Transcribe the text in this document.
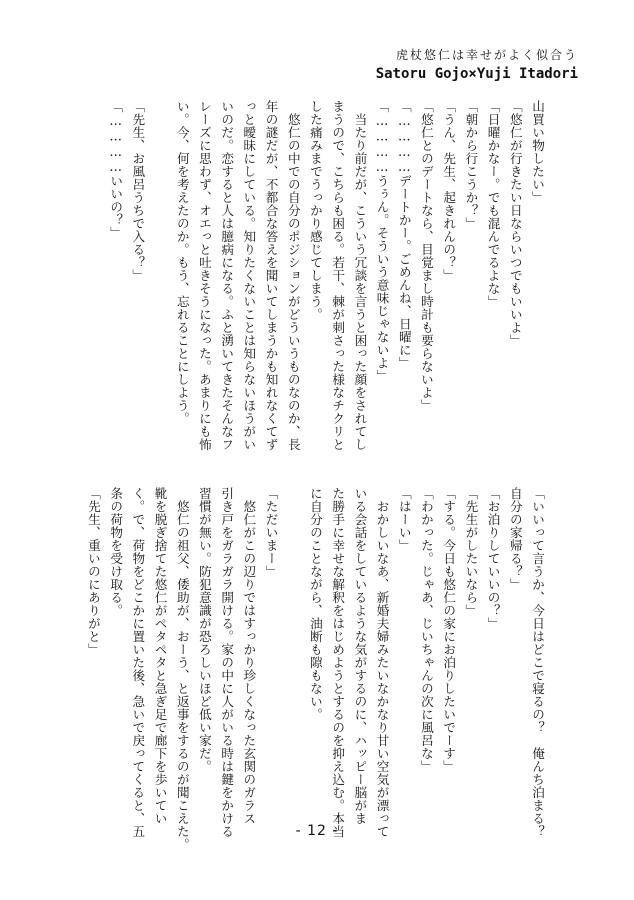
虎杖悠仁は幸せがよく似合う
Satoru Gojo×Yuji Itadori

山買い物したい」

「悠仁が行きたい日ならいつでもいいよ」

「日曜かなー。でも混んでるよな」

「朝から行こうか？」

「うん、先生、起きれんの？」

「悠仁とのデートなら、目覚まし時計も要らないよ」

「…………デートかー。ごめんね、日曜に」

「…………うぅん。そういう意味じゃないよ」

　当たり前だが、こういう冗談を言うと困った顔をされてし

まうので、こちらも困る。若干、棘が刺さった様なチクリと

した痛みまでうっかり感じてしまう。

　悠仁の中での自分のポジションがどういうものなのか、長

年の謎だが、不都合な答えを聞いてしまうかも知れなくてず

っと曖昧にしている。知りたくないことは知らないほうがい

いのだ。恋すると人は臆病になる。ふと湧いてきたそんなフ

レーズに思わず、オエっと吐きそうになった。あまりにも怖

い。今、何を考えたのか。もう、忘れることにしよう。

「先生、お風呂うちで入る？」

「…………いいの？」

「いいって言うか、今日はどこで寝るの？　俺んち泊まる？

自分の家帰る？」

「お泊りしていいの？」

「先生がしたいなら」

「する。今日も悠仁の家にお泊りしたいでーす」

「わかった。じゃあ、じいちゃんの次に風呂な」

「はーい」

　おかしいなあ、新婚夫婦みたいなかなり甘い空気が漂って

いる会話をしているような気がするのに、ハッピー脳がま

た勝手に幸せな解釈をはじめようとするのを抑え込む。本当

に自分のことながら、油断も隙もない。

「ただいまー」

　悠仁がこの辺りではすっかり珍しくなった玄関のガラス

引き戸をガラガラ開ける。家の中に人がいる時は鍵をかける

習慣が無い。防犯意識が恐ろしいほど低い家だ。

　悠仁の祖父、倭助が、おーう、と返事をするのが聞こえた。

靴を脱ぎ捨てた悠仁がペタペタと急ぎ足で廊下を歩いてい

く。で、荷物をどこかに置いた後、急いで戻ってくると、五

条の荷物を受け取る。

「先生、重いのにありがと」

- 12 -
